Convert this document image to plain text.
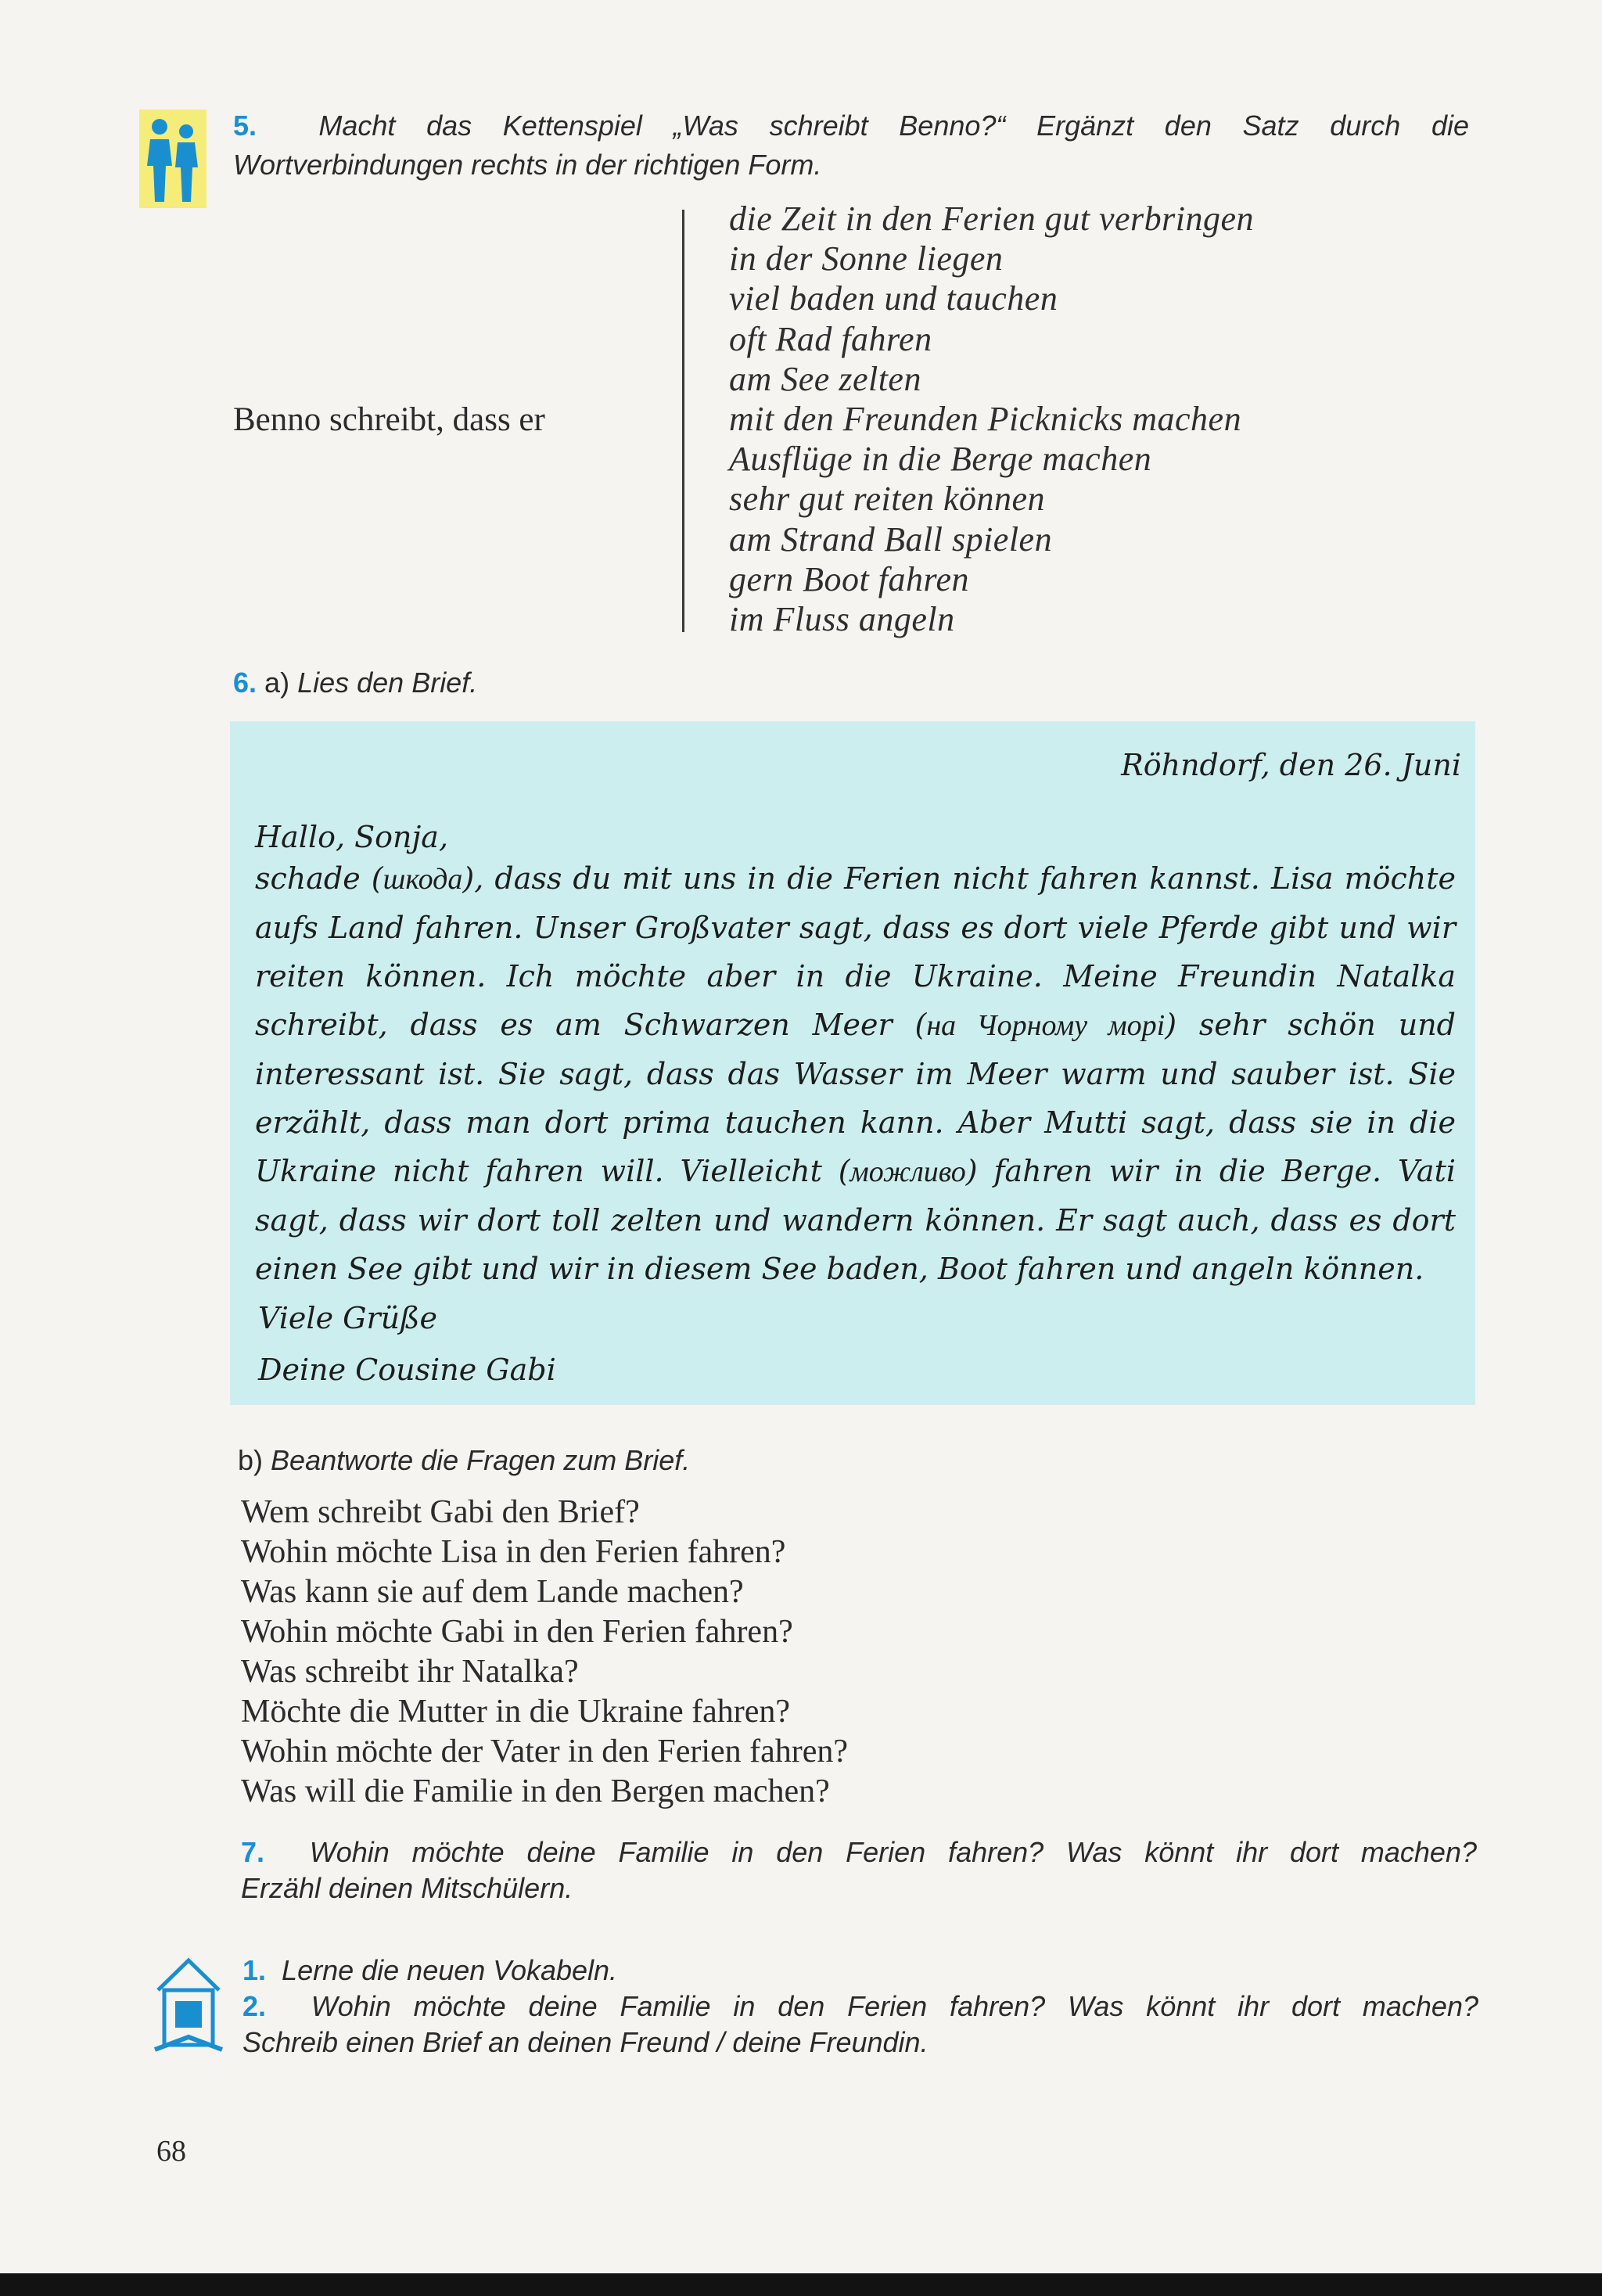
5. Macht das Kettenspiel „Was schreibt Benno?“ Ergänzt den Satz durch die
Wortverbindungen rechts in der richtigen Form.
Benno schreibt, dass er
die Zeit in den Ferien gut verbringen
in der Sonne liegen
viel baden und tauchen
oft Rad fahren
am See zelten
mit den Freunden Picknicks machen
Ausflüge in die Berge machen
sehr gut reiten können
am Strand Ball spielen
gern Boot fahren
im Fluss angeln
6. a) Lies den Brief.
Röhndorf, den 26. Juni
Hallo, Sonja,

schade (шкода), dass du mit uns in die Ferien nicht fahren kannst. Lisa möchte aufs Land fahren. Unser Großvater sagt, dass es dort viele Pferde gibt und wir reiten können. Ich möchte aber in die Ukraine. Meine Freundin Natalka schreibt, dass es am Schwarzen Meer (на Чорному морі) sehr schön und interessant ist. Sie sagt, dass das Wasser im Meer warm und sauber ist. Sie erzählt, dass man dort prima tauchen kann. Aber Mutti sagt, dass sie in die Ukraine nicht fahren will. Vielleicht (можливо) fahren wir in die Berge. Vati sagt, dass wir dort toll zelten und wandern können. Er sagt auch, dass es dort einen See gibt und wir in diesem See baden, Boot fahren und angeln können.

Viele Grüße
Deine Cousine Gabi
b) Beantworte die Fragen zum Brief.
Wem schreibt Gabi den Brief?
Wohin möchte Lisa in den Ferien fahren?
Was kann sie auf dem Lande machen?
Wohin möchte Gabi in den Ferien fahren?
Was schreibt ihr Natalka?
Möchte die Mutter in die Ukraine fahren?
Wohin möchte der Vater in den Ferien fahren?
Was will die Familie in den Bergen machen?
7. Wohin möchte deine Familie in den Ferien fahren? Was könnt ihr dort machen?
Erzähl deinen Mitschülern.
1. Lerne die neuen Vokabeln.
2. Wohin möchte deine Familie in den Ferien fahren? Was könnt ihr dort machen?
Schreib einen Brief an deinen Freund / deine Freundin.
68
